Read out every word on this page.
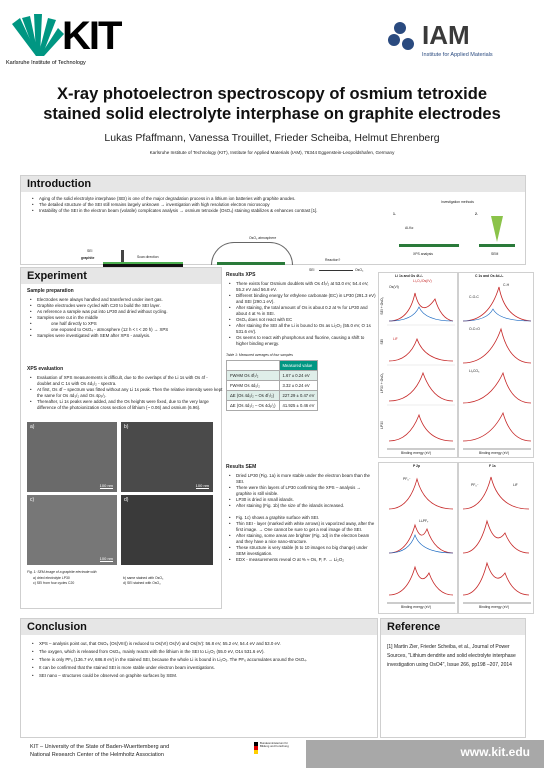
KIT
Karlsruhe Institute of Technology
IAM
Institute for Applied Materials
X-ray photoelectron spectroscopy of osmium tetroxide
stained solid electrolyte interphase on graphite electrodes
Lukas Pfaffmann, Vanessa Trouillet, Frieder Scheiba, Helmut Ehrenberg
Karlsruhe Institute of Technology (KIT), Institute for Applied Materials (IAM), 76344 Eggenstein-Leopoldshafen, Germany
Introduction
• Aging of the solid electrolyte interphase (SEI) is one of the major degradation process in a lithium ion batteries with graphite anodes.
• The detailed structure of the SEI still remains largely unknown → investigation with high resolution electron microscopy
• Instability of the SEI in the electron beam (volatile) complicates analysis → osmium tetroxide (OsO₄) staining stabilizes & enhances contrast [1].
Scan direction
SEI
graphite
OsO₄ atmosphere
Reaction?
SEI	OsO₄
Investigation methods
1.	2.
Al-Kα
XPS analysis	SEM
Experiment
Sample preparation
• Electrodes were always handled and transferred under inert gas.
• Graphite electrodes were cycled with C20 to build the SEI layer.
• As reference a sample was put into LP30 and dried without cycling.
• Samples were cut in the middle
• one half directly to XPS
• one exposed to OsO₄ - atmosphere (12 h < t < 20 h) → XPS
• Samples were investigated with SEM after XPS - analysis.
XPS evaluation
• Evaluation of XPS measurements is difficult, due to the overlaps of the Li 1s with Os 4f - doublet and C 1s with Os 4d₅/₂ - spectra.
• At first, Os 4f – spectrum was fitted without any Li 1s peak. Then the relative intensity were kept the same for Os 4d₃/₂ and Os 4p₃/₂.
• Thereafter, Li 1s peaks were added, and the Os heights were fixed, due to the very large difference of the photoionization cross section of lithium (~ 0.06) and osmium (6.96).
a)
100 nm
b)
100 nm
c)
100 nm
d)
Fig. 1: SEM image of a graphite electrode with
a) dried electrolyte LP30	b) same stained with OsO₄
c) SEI from four cycles C20	d) SEI stained with OsO₄
Results XPS
• There exists four Osmium doublets with Os 4f₇/₂ at 53.0 eV, 54.4 eV, 55.2 eV and 56.8 eV.
• Different binding energy for ethylene carbonate (EC) in LP30 (291.3 eV) and SEI (290.1 eV).
• After staining, the total amount of Os is about 0.2 at % for LP30 and about 4 at % in SEI.
• OsO₄ does not react with EC
• After staining the SEI all the Li is bound to Os as Li₂O₂ (55.0 eV, O 1s 531.6 eV).
• Os seems to react with phosphorus and fluorine, causing a shift to higher binding energy.
Table 1: Measured averages of four samples
	Measured value
FWHM Os 4f₇/₂	1.67 ± 0.24 eV
FWHM Os 4d₅/₂	3.32 ± 0.24 eV
ΔE (Os 4d₅/₂ – Os 4f₇/₂)	227.29 ± 0.47 eV
ΔE (Os 4d₃/₂ – Os 4d₅/₂)	41.925 ± 0.46 eV
Results SEM
• Dried LP30 (Fig. 1a) is more stable under the electron beam than the SEI.
• There were thin layers of LP30 confirming the XPS – analysis → graphite is still visible.
• LP30 is dried in small islands.
• After staining (Fig. 1b) the size of the islands increased.
• Fig. 1c) shows a graphite surface with SEI.
• Thin SEI - layer (marked with white arrows) is vaporized away, after the first image. → One cannot be sure to get a real image of the SEI.
• After staining, some areas are brighter (Fig. 1d) in the electron beam and they have a nice nano-structure.
• These structure is very stable (6 to 10 images no big change) under SEM investigation.
• EDX - measurements reveal O at % ≈ Os, P, F. → Li₂O₂
Li 1s and Os 4f₇/₂
Os(VI)
Li₂O₂/Os(IV)
LiF
Binding energy (eV)
SEI + OsO₄
SEI
LP30 + OsO₄
LP30
C 1s and Os 4d₅/₂
C-H
C-O-C
O-C=O
Li₂CO₃
Binding energy (eV)
P 2p
PF₆⁻
LiₓPFᵧ
Binding energy (eV)
F 1s
PF₆⁻	LiF
Binding energy (eV)
Conclusion
• XPS – analysis point out, that OsO₄ (Os(VIII)) is reduced to Os(VI) Os(V) and Os(IV): 56.8 eV, 55.2 eV, 54.4 eV and 53.0 eV.
• The oxygen, which is released from OsO₄, mainly reacts with the lithium in the SEI to Li₂O₂ (55.0 eV, O1s 531.6 eV).
• There is only PF₆ (136.7 eV, 686.8 eV) in the stained SEI, because the whole Li is bound in Li₂O₂. The PF₆ accumulates around the OsO₄.
• It can be confirmed that the stained SEI is more stable under electron beam investigations.
• SEI nano – structures could be observed on graphite surfaces by SEM.
Reference
[1] Martin Zier, Frieder Scheiba, et al., Journal of Power Sources, "Lithium dendrite and solid electrolyte interphase investigation using OsO4", Issue 266, pp198 –207, 2014
KIT – University of the State of Baden-Wuerttemberg and
National Research Center of the Helmholtz Association
Bundesministerium für Bildung und Forschung	www.kit.edu
